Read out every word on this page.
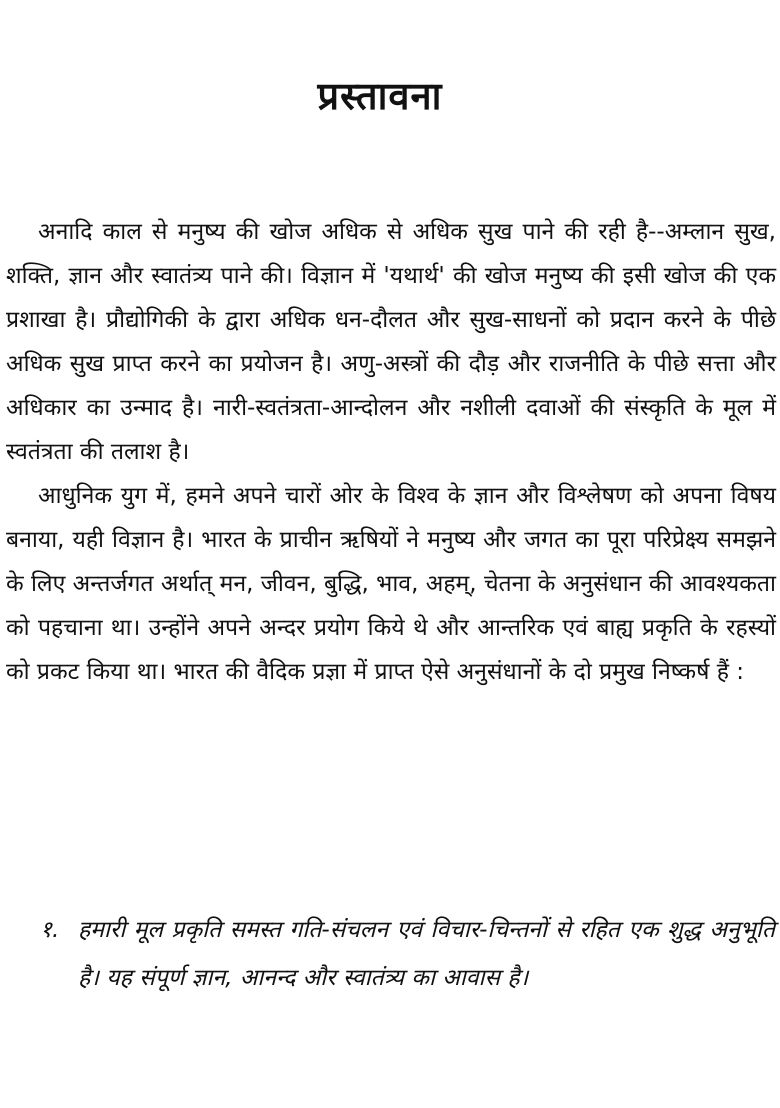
प्रस्तावना

अनादि काल से मनुष्य की खोज अधिक से अधिक सुख पाने की रही है--अम्लान सुख, शक्ति, ज्ञान और स्वातंत्र्य पाने की। विज्ञान में 'यथार्थ' की खोज मनुष्य की इसी खोज की एक प्रशाखा है। प्रौद्योगिकी के द्वारा अधिक धन-दौलत और सुख-साधनों को प्रदान करने के पीछे अधिक सुख प्राप्त करने का प्रयोजन है। अणु-अस्त्रों की दौड़ और राजनीति के पीछे सत्ता और अधिकार का उन्माद है। नारी-स्वतंत्रता-आन्दोलन और नशीली दवाओं की संस्कृति के मूल में स्वतंत्रता की तलाश है।

आधुनिक युग में, हमने अपने चारों ओर के विश्व के ज्ञान और विश्लेषण को अपना विषय बनाया, यही विज्ञान है। भारत के प्राचीन ऋषियों ने मनुष्य और जगत का पूरा परिप्रेक्ष्य समझने के लिए अन्तर्जगत अर्थात् मन, जीवन, बुद्धि, भाव, अहम्, चेतना के अनुसंधान की आवश्यकता को पहचाना था। उन्होंने अपने अन्दर प्रयोग किये थे और आन्तरिक एवं बाह्य प्रकृति के रहस्यों को प्रकट किया था। भारत की वैदिक प्रज्ञा में प्राप्त ऐसे अनुसंधानों के दो प्रमुख निष्कर्ष हैं :

१. हमारी मूल प्रकृति समस्त गति-संचलन एवं विचार-चिन्तनों से रहित एक शुद्ध अनुभूति है। यह संपूर्ण ज्ञान, आनन्द और स्वातंत्र्य का आवास है।
